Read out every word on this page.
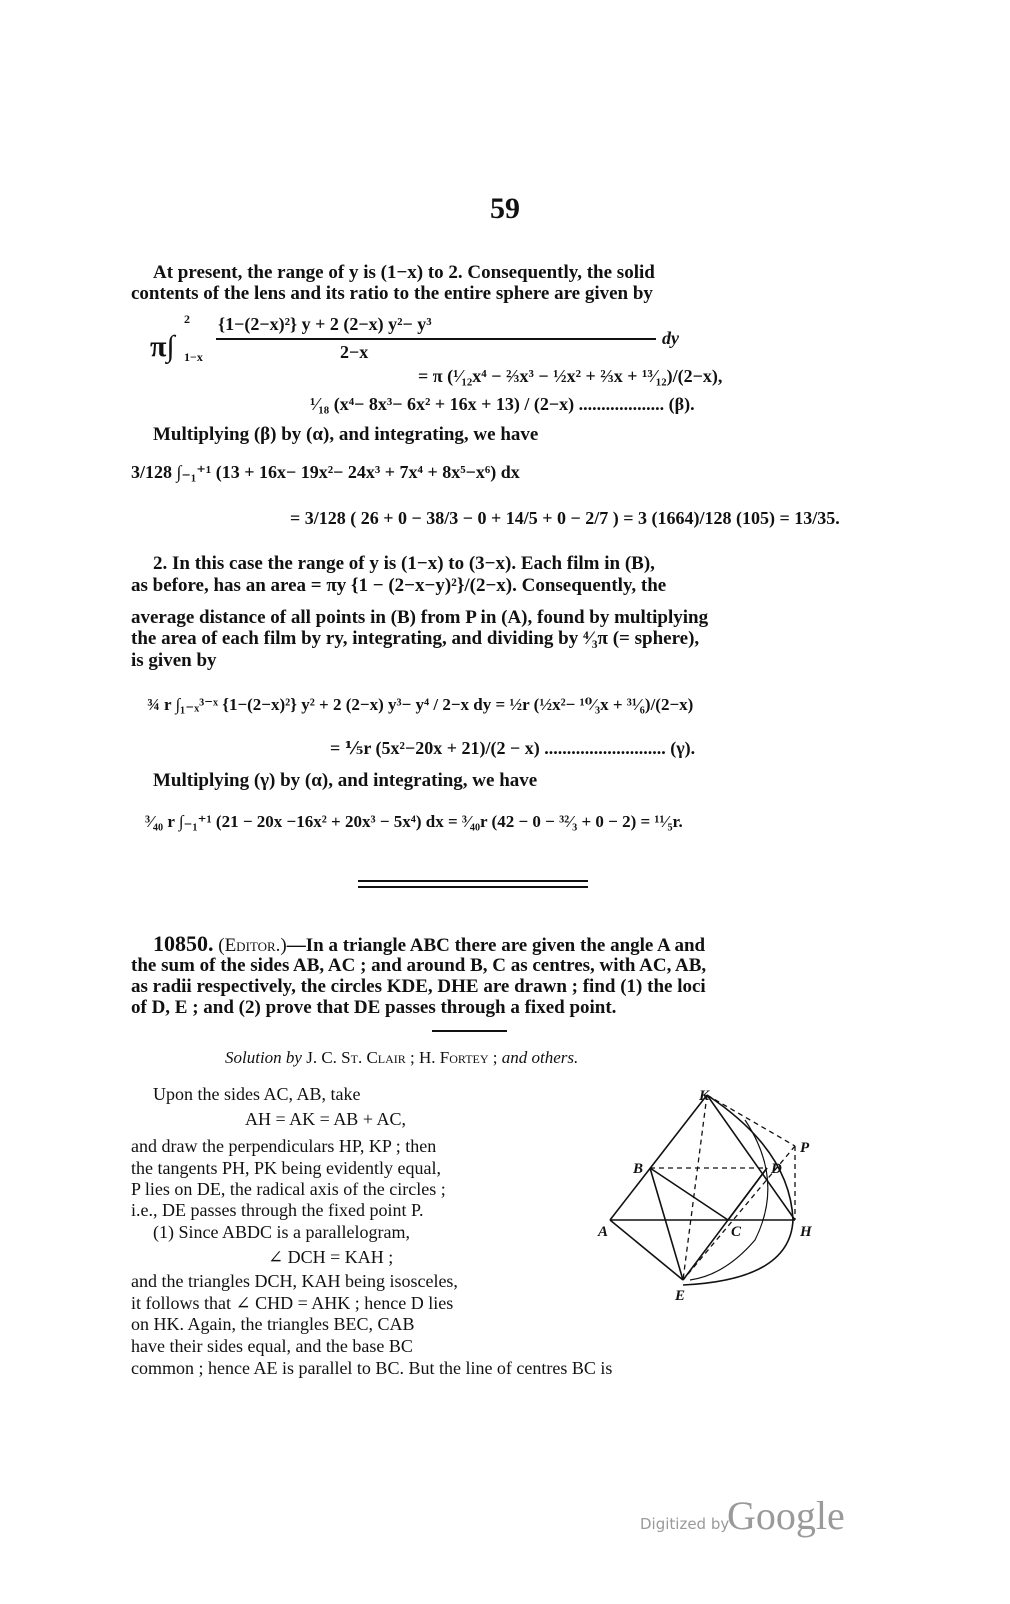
59
At present, the range of y is (1−x) to 2. Consequently, the solid
contents of the lens and its ratio to the entire sphere are given by
π∫
2
1−x
{1−(2−x)²} y + 2 (2−x) y²− y³
2−x
dy
= π (¹⁄₁₂x⁴ − ⅔x³ − ½x² + ⅔x + ¹³⁄₁₂)/(2−x),
¹⁄₁₈ (x⁴− 8x³− 6x² + 16x + 13) / (2−x) ................... (β).
Multiplying (β) by (α), and integrating, we have
3/128 ∫₋₁⁺¹ (13 + 16x− 19x²− 24x³ + 7x⁴ + 8x⁵−x⁶) dx
= 3/128 ( 26 + 0 − 38/3 − 0 + 14/5 + 0 − 2/7 ) = 3 (1664)/128 (105) = 13/35.
2. In this case the range of y is (1−x) to (3−x). Each film in (B),
as before, has an area = πy {1 − (2−x−y)²}/(2−x). Consequently, the
average distance of all points in (B) from P in (A), found by multiplying
the area of each film by ry, integrating, and dividing by ⁴⁄₃π (= sphere),
is given by
¾ r ∫₁₋ₓ³⁻ˣ {1−(2−x)²} y² + 2 (2−x) y³− y⁴ / 2−x dy = ½r (½x²− ¹⁰⁄₃x + ³¹⁄₆)/(2−x)
= ⅕r (5x²−20x + 21)/(2 − x) ........................... (γ).
Multiplying (γ) by (α), and integrating, we have
³⁄₄₀ r ∫₋₁⁺¹ (21 − 20x −16x² + 20x³ − 5x⁴) dx = ³⁄₄₀r (42 − 0 − ³²⁄₃ + 0 − 2) = ¹¹⁄₅r.
10850. (Editor.)—In a triangle ABC there are given the angle A and
the sum of the sides AB, AC ; and around B, C as centres, with AC, AB,
as radii respectively, the circles KDE, DHE are drawn ; find (1) the loci
of D, E ; and (2) prove that DE passes through a fixed point.
Solution by J. C. St. Clair ; H. Fortey ; and others.
Upon the sides AC, AB, take
AH = AK = AB + AC,
and draw the perpendiculars HP, KP ; then
the tangents PH, PK being evidently equal,
P lies on DE, the radical axis of the circles ;
i.e., DE passes through the fixed point P.
(1) Since ABDC is a parallelogram,
∠ DCH = KAH ;
and the triangles DCH, KAH being isosceles,
it follows that ∠ CHD = AHK ; hence D lies
on HK. Again, the triangles BEC, CAB
have their sides equal, and the base BC
common ; hence AE is parallel to BC. But the line of centres BC is
K
P
B	D
A	C	H
E
Digitized by
Google
